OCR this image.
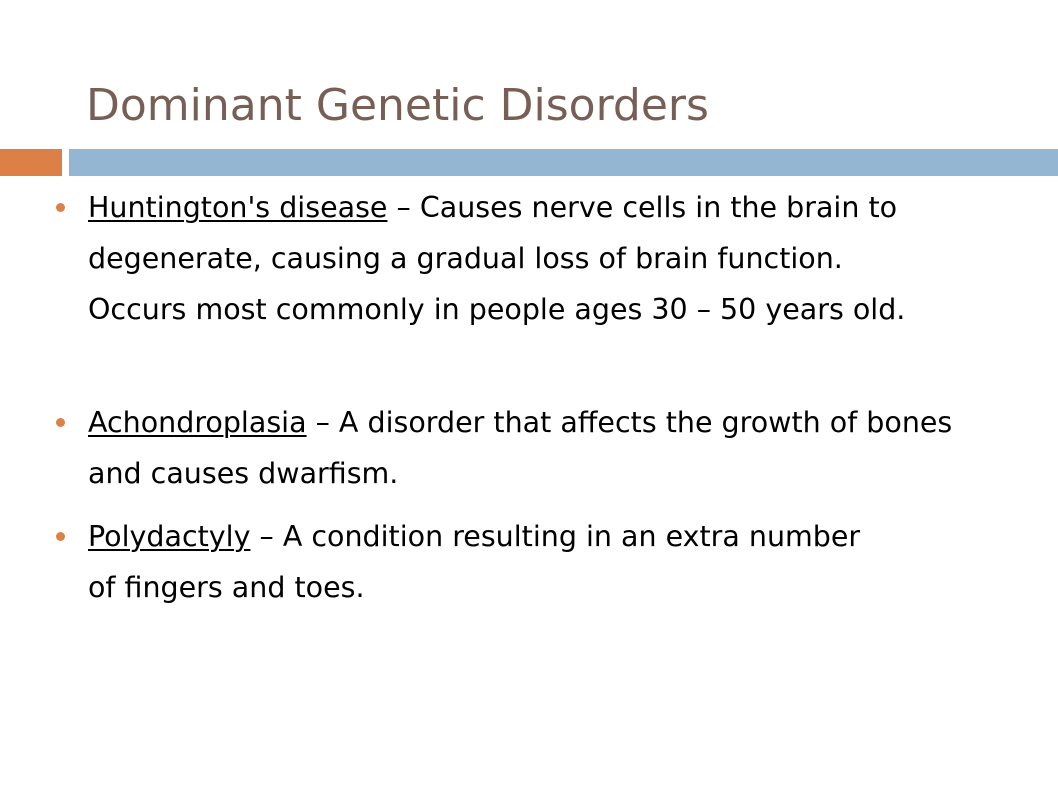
Dominant Genetic Disorders

Huntington's disease – Causes nerve cells in the brain to degenerate, causing a gradual loss of brain function. Occurs most commonly in people ages 30 – 50 years old.

Achondroplasia – A disorder that affects the growth of bones and causes dwarfism.

Polydactyly – A condition resulting in an extra number of fingers and toes.
